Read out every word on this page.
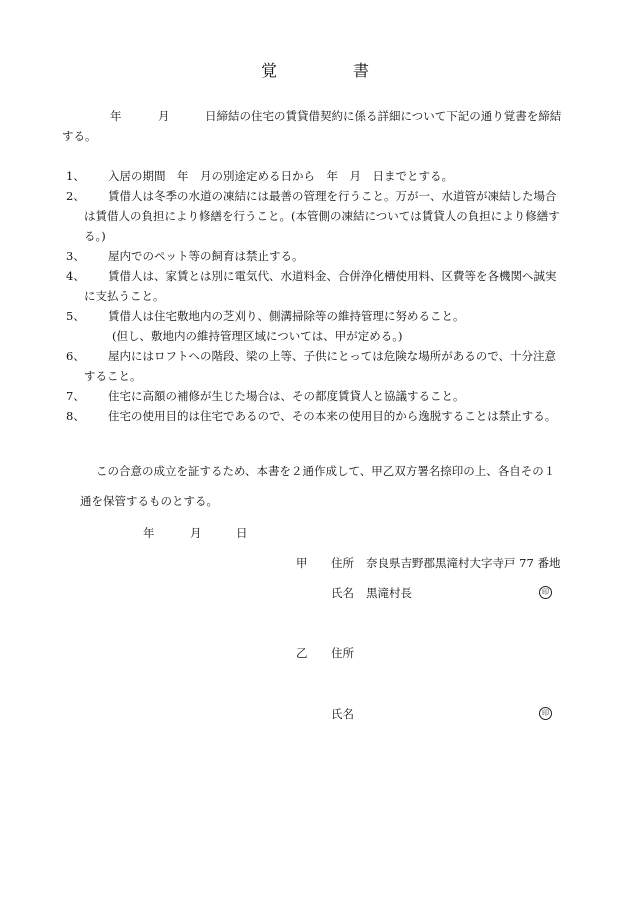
覚　書
年	月	日締結の住宅の賃貸借契約に係る詳細について下記の通り覚書を締結
する。
1、 入居の期間　年　月の別途定める日から　年　月　日までとする。
2、 賃借人は冬季の水道の凍結には最善の管理を行うこと。万が一、水道管が凍結した場合
は賃借人の負担により修繕を行うこと。(本管側の凍結については賃貸人の負担により修繕す
る。)
3、 屋内でのペット等の飼育は禁止する。
4、 賃借人は、家賃とは別に電気代、水道料金、合併浄化槽使用料、区費等を各機関へ誠実
に支払うこと。
5、 賃借人は住宅敷地内の芝刈り、側溝掃除等の維持管理に努めること。
(但し、敷地内の維持管理区域については、甲が定める。)
6、 屋内にはロフトへの階段、梁の上等、子供にとっては危険な場所があるので、十分注意
すること。
7、 住宅に高額の補修が生じた場合は、その都度賃貸人と協議すること。
8、 住宅の使用目的は住宅であるので、その本来の使用目的から逸脱することは禁止する。
この合意の成立を証するため、本書を２通作成して、甲乙双方署名捺印の上、各自その１
通を保管するものとする。
年	月	日
甲 住所 奈良県吉野郡黒滝村大字寺戸 77 番地
氏名 黒滝村長	印
乙 住所
氏名	印
